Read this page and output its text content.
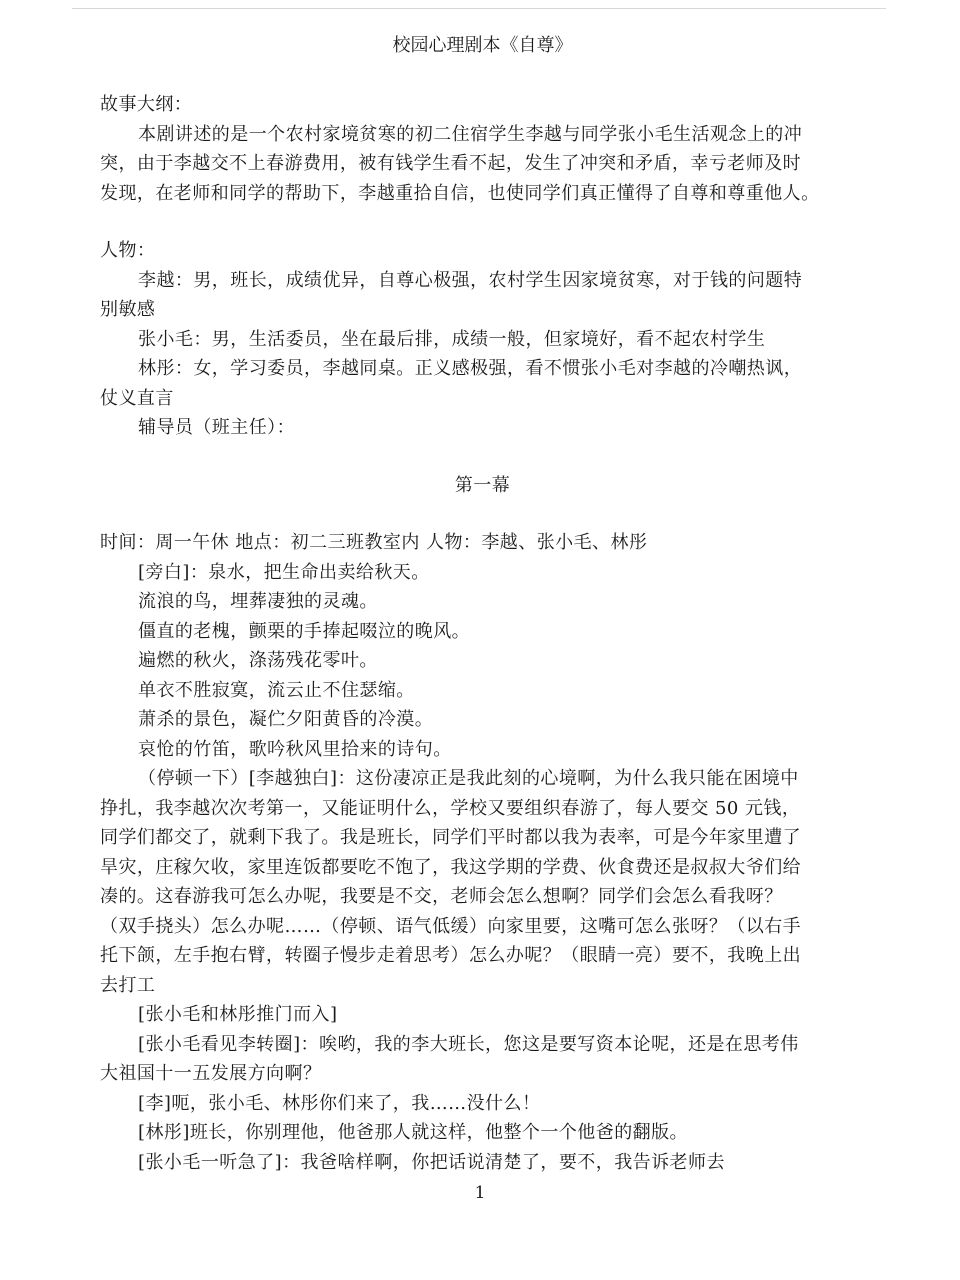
校园心理剧本《自尊》

故事大纲：

本剧讲述的是一个农村家境贫寒的初二住宿学生李越与同学张小毛生活观念上的冲

突，由于李越交不上春游费用，被有钱学生看不起，发生了冲突和矛盾，幸亏老师及时

发现，在老师和同学的帮助下，李越重拾自信，也使同学们真正懂得了自尊和尊重他人。

人物：

李越：男，班长，成绩优异，自尊心极强，农村学生因家境贫寒，对于钱的问题特

别敏感

张小毛：男，生活委员，坐在最后排，成绩一般，但家境好，看不起农村学生

林彤：女，学习委员，李越同桌。正义感极强，看不惯张小毛对李越的冷嘲热讽，

仗义直言

辅导员（班主任）：

第一幕

时间：周一午休 地点：初二三班教室内 人物：李越、张小毛、林彤

[旁白]：泉水，把生命出卖给秋天。

流浪的鸟，埋葬凄独的灵魂。

僵直的老槐，颤栗的手捧起啜泣的晚风。

遍燃的秋火，涤荡残花零叶。

单衣不胜寂寞，流云止不住瑟缩。

萧杀的景色，凝伫夕阳黄昏的冷漠。

哀怆的竹笛，歌吟秋风里拾来的诗句。

（停顿一下）[李越独白]：这份凄凉正是我此刻的心境啊，为什么我只能在困境中

挣扎，我李越次次考第一，又能证明什么，学校又要组织春游了，每人要交 50 元钱，

同学们都交了，就剩下我了。我是班长，同学们平时都以我为表率，可是今年家里遭了

旱灾，庄稼欠收，家里连饭都要吃不饱了，我这学期的学费、伙食费还是叔叔大爷们给

凑的。这春游我可怎么办呢，我要是不交，老师会怎么想啊？同学们会怎么看我呀？

（双手挠头）怎么办呢……（停顿、语气低缓）向家里要，这嘴可怎么张呀？（以右手

托下颌，左手抱右臂，转圈子慢步走着思考）怎么办呢？（眼睛一亮）要不，我晚上出

去打工

[张小毛和林彤推门而入]

[张小毛看见李转圈]：唉哟，我的李大班长，您这是要写资本论呢，还是在思考伟

大祖国十一五发展方向啊？

[李]呃，张小毛、林彤你们来了，我……没什么！

[林彤]班长，你别理他，他爸那人就这样，他整个一个他爸的翻版。

[张小毛一听急了]：我爸啥样啊，你把话说清楚了，要不，我告诉老师去

1
